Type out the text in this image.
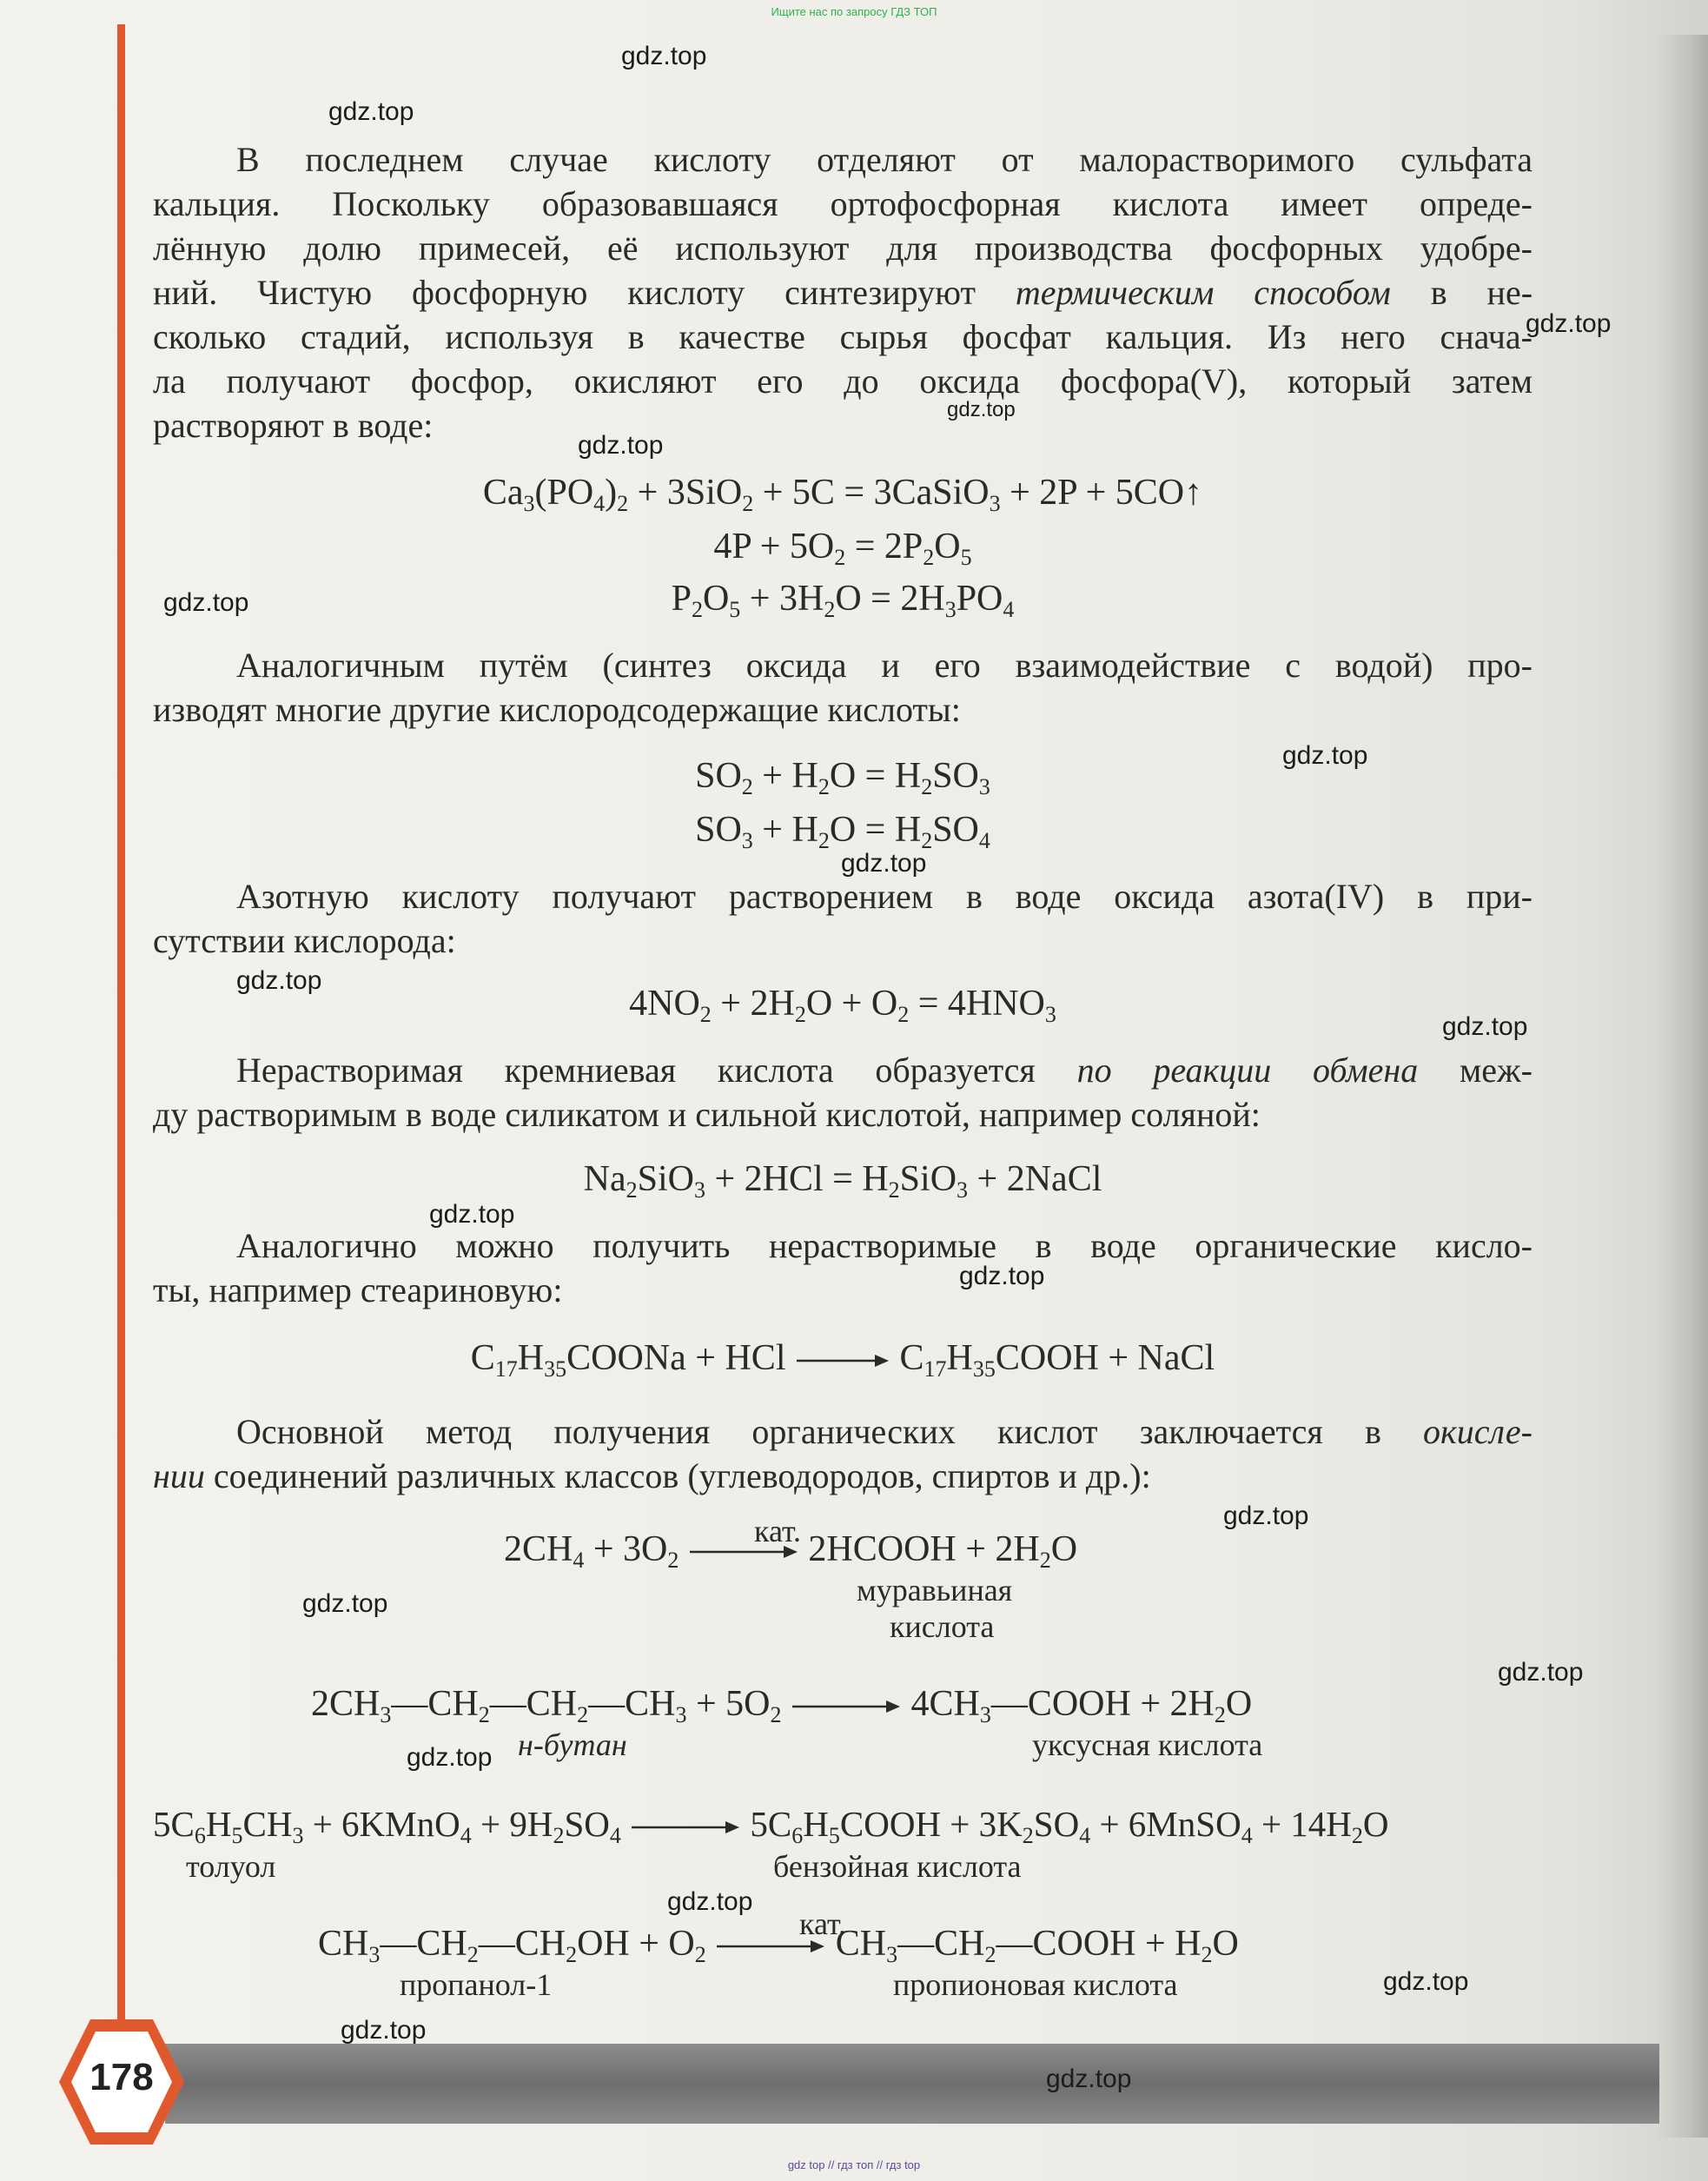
Ищите нас по запросу ГДЗ ТОП
178
gdz.top
gdz.top
gdz.top
gdz.top
gdz.top
gdz.top
gdz.top
gdz.top
gdz.top
gdz.top
gdz.top
gdz.top
gdz.top
gdz.top
gdz.top
gdz.top
gdz.top
gdz.top
gdz.top
gdz.top
В последнем случае кислоту отделяют от малорастворимого сульфата
кальция. Поскольку образовавшаяся ортофосфорная кислота имеет опреде-
лённую долю примесей, её используют для производства фосфорных удобре-
ний. Чистую фосфорную кислоту синтезируют термическим способом в не-
сколько стадий, используя в качестве сырья фосфат кальция. Из него снача-
ла получают фосфор, окисляют его до оксида фосфора(V), который затем
растворяют в воде:
$Ca_3(PO_4)_2 + 3SiO_2 + 5C$ = 3CaSiO$_3$ + 2P + 5CO↑
$4P + 5O_2 = 2P_2O_5$
$P_2O_5 + 3H_2O = 2H_3PO_4$
Аналогичным путём (синтез оксида и его взаимодействие с водой) про-
изводят многие другие кислородсодержащие кислоты:
$SO_2 + H_2O = H_2SO_3$
$SO_3 + H_2O = H_2SO_4$
Азотную кислоту получают растворением в воде оксида азота(IV) в при-
сутствии кислорода:
$4NO_2 + 2H_2O + O_2 = 4HNO_3$
Нерастворимая кремниевая кислота образуется по реакции обмена меж-
ду растворимым в воде силикатом и сильной кислотой, например соляной:
$Na_2SiO_3 + 2HCl = H_2SiO_3$ + 2NaCl
Аналогично можно получить нерастворимые в воде органические кисло-
ты, например стеариновую:
$C_{17}H_{35}COONa$ + HCl → $C_{17}H_{35}COOH$ + NaCl
Основной метод получения органических кислот заключается в окисле-
нии соединений различных классов (углеводородов, спиртов и др.):
$2CH_4 + 3O_2$	2HCOOH + $2H_2O$
кат.
муравьиная
кислота
$2CH_3—CH_2—CH_2—CH_3 + 5O_2$ → $4CH_3—COOH + 2H_2O$
н-бутан	уксусная кислота
$5C_6H_5CH_3$ + 6KMnO$_4$ + $9H_2SO_4$ → $5C_6H_5COOH + 3K_2SO_4$ + 6MnSO$_4$ + $14H_2O$
толуол	бензойная кислота
$CH_3—CH_2—CH_2OH + O_2$	$CH_3—CH_2—COOH + H_2O$
кат.
пропанол-1	пропионовая кислота
gdz top // гдз топ // гдз top
